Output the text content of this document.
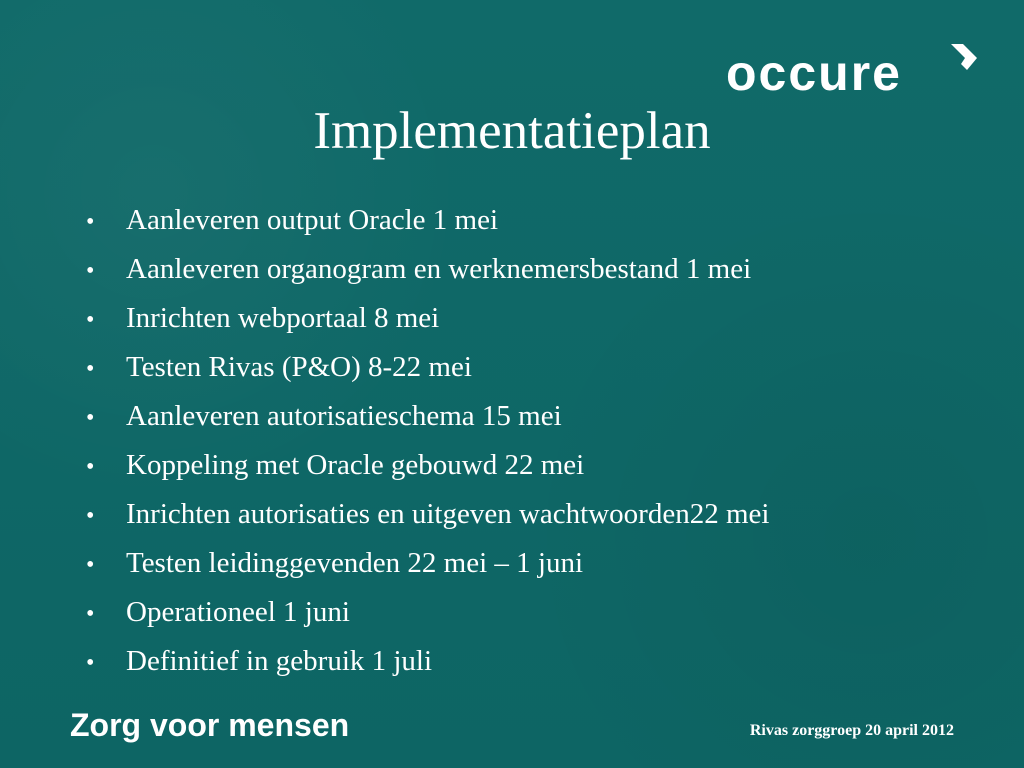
occure
Implementatieplan
•	Aanleveren output Oracle 1 mei
•	Aanleveren organogram en werknemersbestand 1 mei
•	Inrichten webportaal 8 mei
•	Testen Rivas (P&O) 8-22 mei
•	Aanleveren autorisatieschema 15 mei
•	Koppeling met Oracle gebouwd 22 mei
•	Inrichten autorisaties en uitgeven wachtwoorden22 mei
•	Testen leidinggevenden 22 mei – 1 juni
•	Operationeel 1 juni
•	Definitief in gebruik 1 juli
Zorg voor mensen	Rivas zorggroep 20 april 2012
